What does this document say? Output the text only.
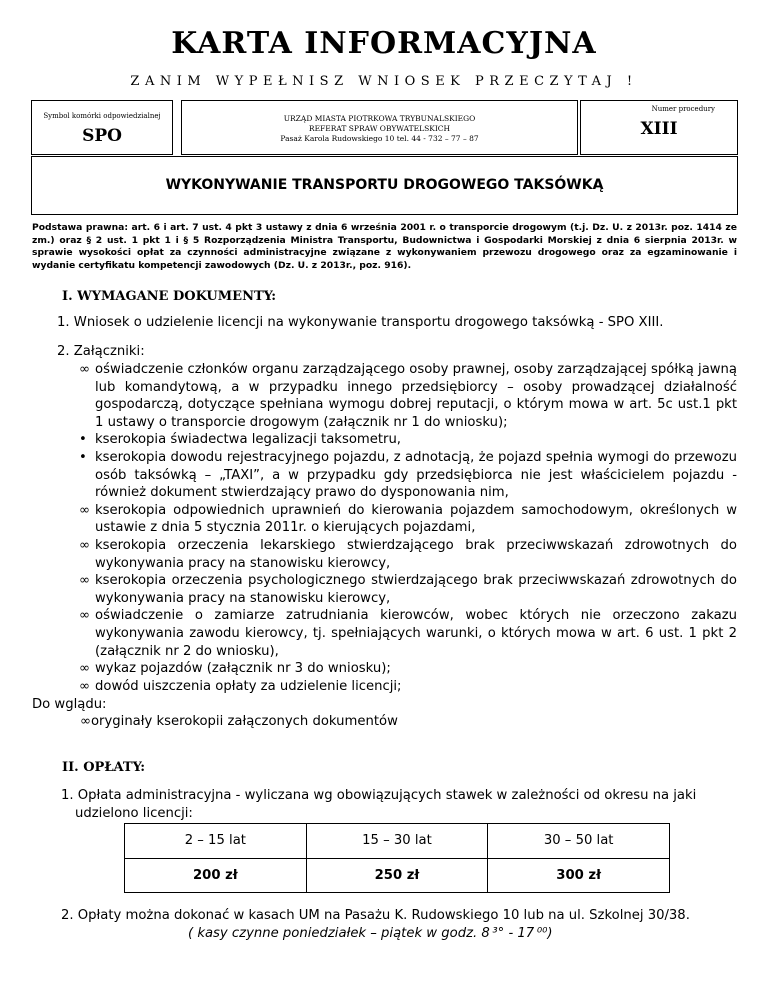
KARTA INFORMACYJNA
ZANIM WYPEŁNISZ WNIOSEK PRZECZYTAJ !
Symbol komórki odpowiedzialnej
SPO
URZĄD MIASTA PIOTRKOWA TRYBUNALSKIEGO
REFERAT SPRAW OBYWATELSKICH
Pasaż Karola Rudowskiego 10 tel. 44 - 732 – 77 – 87
Numer procedury
XIII
WYKONYWANIE TRANSPORTU DROGOWEGO TAKSÓWKĄ
Podstawa prawna: art. 6 i art. 7 ust. 4 pkt 3 ustawy z dnia 6 września 2001 r. o transporcie drogowym (t.j. Dz. U. z 2013r. poz. 1414 ze zm.) oraz § 2 ust. 1 pkt 1 i § 5 Rozporządzenia Ministra Transportu, Budownictwa i Gospodarki Morskiej z dnia 6 sierpnia 2013r. w sprawie wysokości opłat za czynności administracyjne związane z wykonywaniem przewozu drogowego oraz za egzaminowanie i wydanie certyfikatu kompetencji zawodowych (Dz. U. z 2013r., poz. 916).
I. WYMAGANE DOKUMENTY:
1. Wniosek o udzielenie licencji na wykonywanie transportu drogowego taksówką - SPO XIII.
2. Załączniki:
∞ oświadczenie członków organu zarządzającego osoby prawnej, osoby zarządzającej spółką jawną lub komandytową, a w przypadku innego przedsiębiorcy – osoby prowadzącej działalność gospodarczą, dotyczące spełniana wymogu dobrej reputacji, o którym mowa w art. 5c ust.1 pkt 1 ustawy o transporcie drogowym (załącznik nr 1 do wniosku);
• kserokopia świadectwa legalizacji taksometru,
• kserokopia dowodu rejestracyjnego pojazdu, z adnotacją, że pojazd spełnia wymogi do przewozu osób taksówką – „TAXI”, a w przypadku gdy przedsiębiorca nie jest właścicielem pojazdu - również dokument stwierdzający prawo do dysponowania nim,
∞ kserokopia odpowiednich uprawnień do kierowania pojazdem samochodowym, określonych w ustawie z dnia 5 stycznia 2011r. o kierujących pojazdami,
∞ kserokopia orzeczenia lekarskiego stwierdzającego brak przeciwwskazań zdrowotnych do wykonywania pracy na stanowisku kierowcy,
∞ kserokopia orzeczenia psychologicznego stwierdzającego brak przeciwwskazań zdrowotnych do wykonywania pracy na stanowisku kierowcy,
∞ oświadczenie o zamiarze zatrudniania kierowców, wobec których nie orzeczono zakazu wykonywania zawodu kierowcy, tj. spełniających warunki, o których mowa w art. 6 ust. 1 pkt 2 (załącznik nr 2 do wniosku),
∞ wykaz pojazdów (załącznik nr 3 do wniosku);
∞ dowód uiszczenia opłaty za udzielenie licencji;
Do wglądu:
∞oryginały kserokopii załączonych dokumentów
II. OPŁATY:
1. Opłata administracyjna - wyliczana wg obowiązujących stawek w zależności od okresu na jaki
udzielono licencji:
2 – 15 lat	15 – 30 lat	30 – 50 lat
200 zł	250 zł	300 zł
2. Opłaty można dokonać w kasach UM na Pasażu K. Rudowskiego 10 lub na ul. Szkolnej 30/38.
( kasy czynne poniedziałek – piątek w godz. 8 ³° - 17 ⁰⁰)
